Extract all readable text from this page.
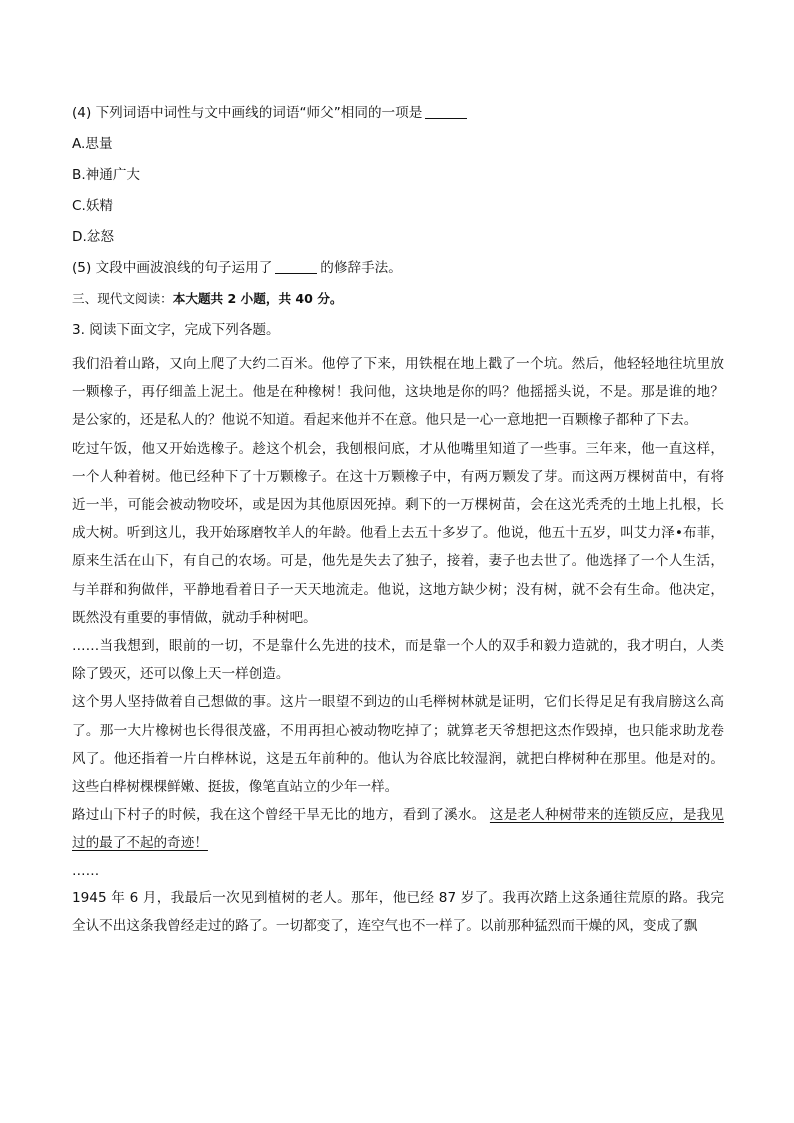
(4) 下列词语中词性与文中画线的词语“师父”相同的一项是
A.思量
B.神通广大
C.妖精
D.忿怒
(5) 文段中画波浪线的句子运用了	的修辞手法。
三、现代文阅读：本大题共 2 小题，共 40 分。
3. 阅读下面文字，完成下列各题。

我们沿着山路，又向上爬了大约二百米。他停了下来，用铁棍在地上戳了一个坑。然后，他轻轻地往坑里放一颗橡子，再仔细盖上泥土。他是在种橡树！我问他，这块地是你的吗？他摇摇头说，不是。那是谁的地？是公家的，还是私人的？他说不知道。看起来他并不在意。他只是一心一意地把一百颗橡子都种了下去。

吃过午饭，他又开始选橡子。趁这个机会，我刨根问底，才从他嘴里知道了一些事。三年来，他一直这样，一个人种着树。他已经种下了十万颗橡子。在这十万颗橡子中，有两万颗发了芽。而这两万棵树苗中，有将近一半，可能会被动物咬坏，或是因为其他原因死掉。剩下的一万棵树苗，会在这光秃秃的土地上扎根，长成大树。听到这儿，我开始琢磨牧羊人的年龄。他看上去五十多岁了。他说，他五十五岁，叫艾力泽•布菲，原来生活在山下，有自己的农场。可是，他先是失去了独子，接着，妻子也去世了。他选择了一个人生活，与羊群和狗做伴，平静地看着日子一天天地流走。他说，这地方缺少树；没有树，就不会有生命。他决定，既然没有重要的事情做，就动手种树吧。

……当我想到，眼前的一切，不是靠什么先进的技术，而是靠一个人的双手和毅力造就的，我才明白，人类除了毁灭，还可以像上天一样创造。

这个男人坚持做着自己想做的事。这片一眼望不到边的山毛榉树林就是证明，它们长得足足有我肩膀这么高了。那一大片橡树也长得很茂盛，不用再担心被动物吃掉了；就算老天爷想把这杰作毁掉，也只能求助龙卷风了。他还指着一片白桦林说，这是五年前种的。他认为谷底比较湿润，就把白桦树种在那里。他是对的。这些白桦树棵棵鲜嫩、挺拔，像笔直站立的少年一样。

路过山下村子的时候，我在这个曾经干旱无比的地方，看到了溪水。 这是老人种树带来的连锁反应，是我见过的最了不起的奇迹！

……

1945 年 6 月，我最后一次见到植树的老人。那年，他已经 87 岁了。我再次踏上这条通往荒原的路。我完全认不出这条我曾经走过的路了。一切都变了，连空气也不一样了。以前那种猛烈而干燥的风，变成了飘
